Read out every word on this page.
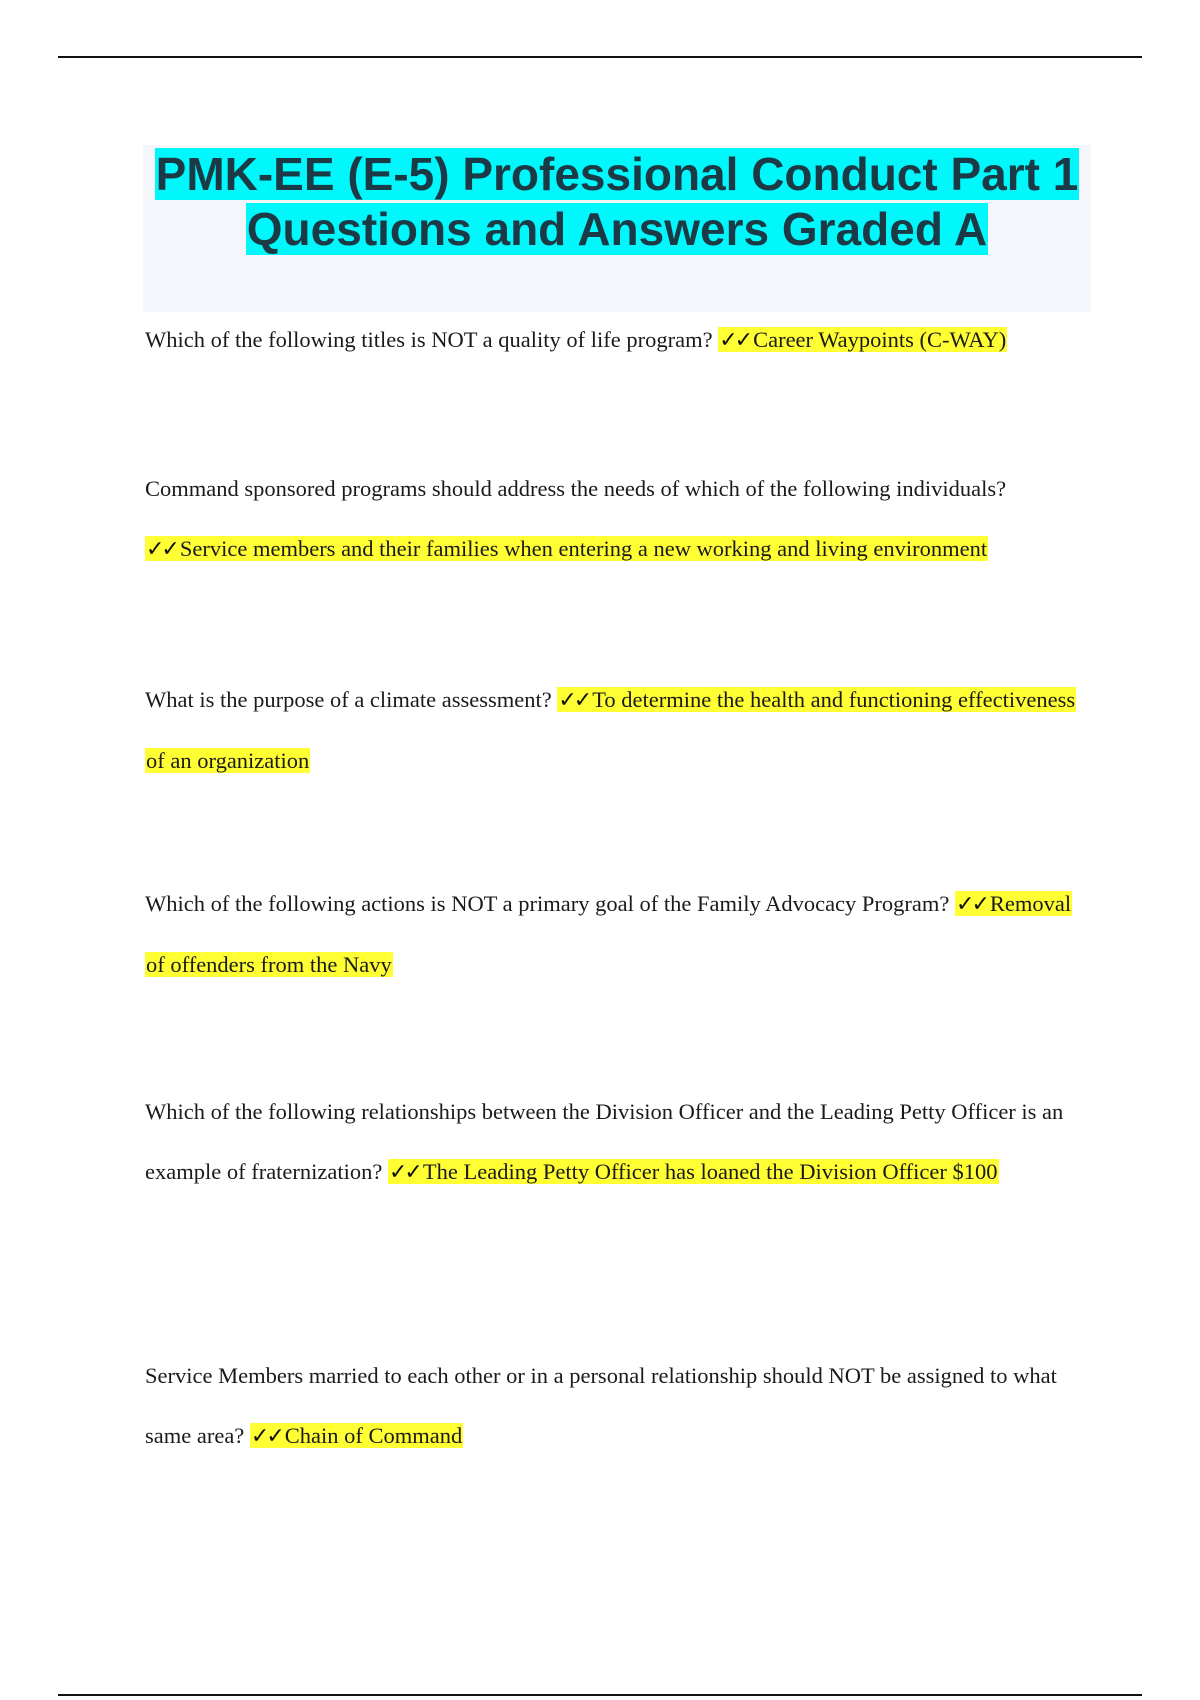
PMK-EE (E-5) Professional Conduct Part 1 Questions and Answers Graded A

Which of the following titles is NOT a quality of life program? ✓✓ Career Waypoints (C-WAY)

Command sponsored programs should address the needs of which of the following individuals? ✓✓ Service members and their families when entering a new working and living environment

What is the purpose of a climate assessment? ✓✓ To determine the health and functioning effectiveness of an organization

Which of the following actions is NOT a primary goal of the Family Advocacy Program? ✓✓ Removal of offenders from the Navy

Which of the following relationships between the Division Officer and the Leading Petty Officer is an example of fraternization? ✓✓ The Leading Petty Officer has loaned the Division Officer $100

Service Members married to each other or in a personal relationship should NOT be assigned to what same area? ✓✓ Chain of Command
